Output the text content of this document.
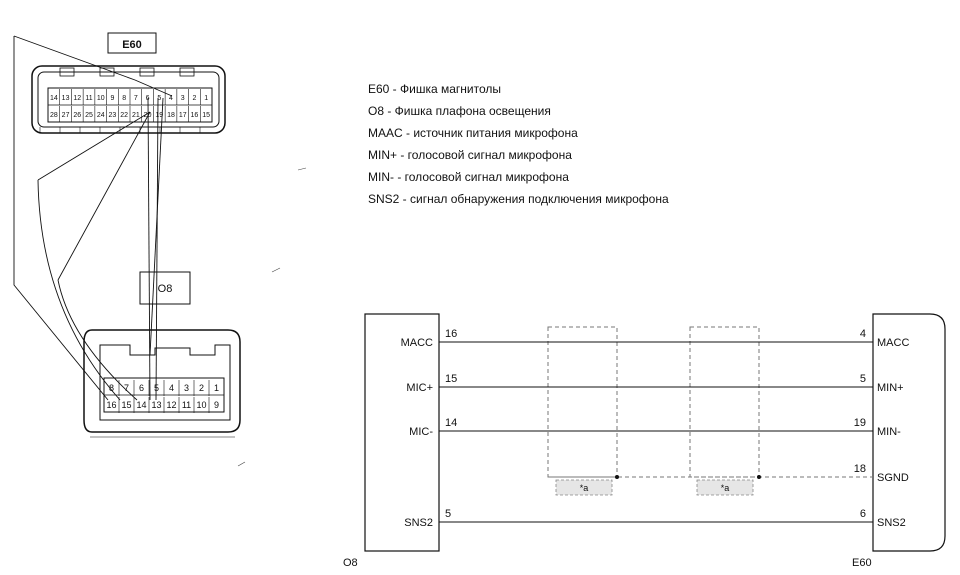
E60
14 13 12 11 10 9 8 7 6 5 4 3 2 1
28 27 26 25 24 23 22 21 20 19 18 17 16 15
O8
8 7 6 5 4 3 2 1
16 15 14 13 12 11 10 9
*a	*a
16
MACC
4
MACC
15
MIC+
5
MIN+
14
MIC-
19
MIN-
18
SGND
5
SNS2
6
SNS2
O8	E60
E60 - Фишка магнитолы
O8 - Фишка плафона освещения
MAAC - источник питания микрофона
MIN+ - голосовой сигнал микрофона
MIN- - голосовой сигнал микрофона
SNS2 - сигнал обнаружения подключения микрофона
